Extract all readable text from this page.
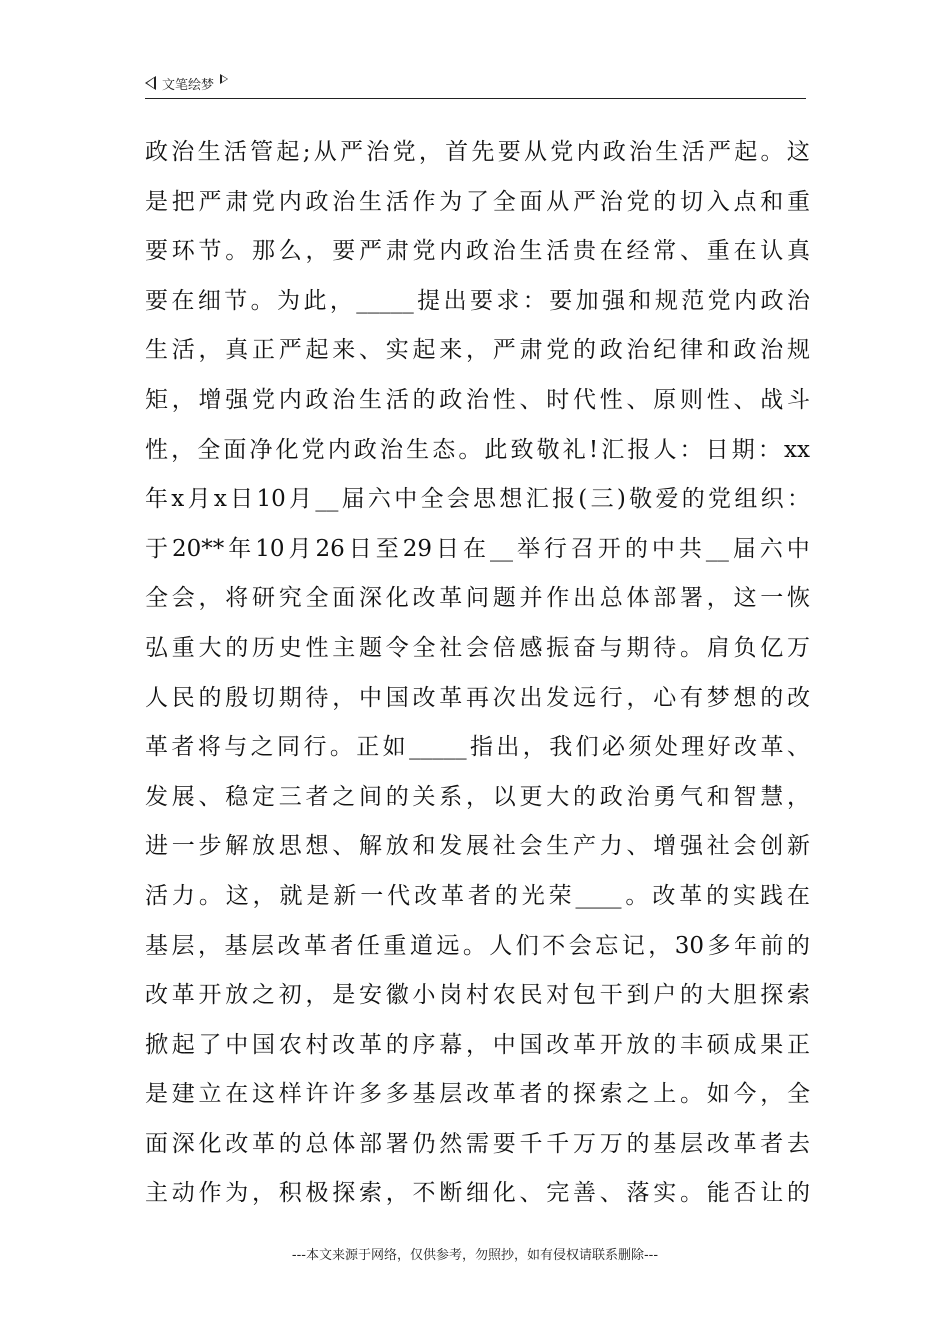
文笔绘梦
政 治 生 活 管 起 ; 从 严 治 党 ， 首 先 要 从 党 内 政 治 生 活 严 起 。 这
是 把 严 肃 党 内 政 治 生 活 作 为 了 全 面 从 严 治 党 的 切 入 点 和 重
要 环 节 。 那 么 ， 要 严 肃 党 内 政 治 生 活 贵 在 经 常 、 重 在 认 真
要 在 细 节 。 为 此 ， _____ 提 出 要 求 ： 要 加 强 和 规 范 党 内 政 治
生 活 ， 真 正 严 起 来 、 实 起 来 ， 严 肃 党 的 政 治 纪 律 和 政 治 规
矩 ， 增 强 党 内 政 治 生 活 的 政 治 性 、 时 代 性 、 原 则 性 、 战 斗
性 ， 全 面 净 化 党 内 政 治 生 态 。 此 致 敬 礼 ! 汇 报 人 ： 日 期 ： xx
年 x 月 x 日 10 月 __ 届 六 中 全 会 思 想 汇 报 ( 三 ) 敬 爱 的 党 组 织 ：
于 20** 年 10 月 26 日 至 29 日 在 __ 举 行 召 开 的 中 共 __ 届 六 中
全 会 ， 将 研 究 全 面 深 化 改 革 问 题 并 作 出 总 体 部 署 ， 这 一 恢
弘 重 大 的 历 史 性 主 题 令 全 社 会 倍 感 振 奋 与 期 待 。 肩 负 亿 万
人 民 的 殷 切 期 待 ， 中 国 改 革 再 次 出 发 远 行 ， 心 有 梦 想 的 改
革 者 将 与 之 同 行 。 正 如 _____ 指 出 ， 我 们 必 须 处 理 好 改 革 、
发 展 、 稳 定 三 者 之 间 的 关 系 ， 以 更 大 的 政 治 勇 气 和 智 慧 ，
进 一 步 解 放 思 想 、 解 放 和 发 展 社 会 生 产 力 、 增 强 社 会 创 新
活 力 。 这 ， 就 是 新 一 代 改 革 者 的 光 荣 ____ 。 改 革 的 实 践 在
基 层 ， 基 层 改 革 者 任 重 道 远 。 人 们 不 会 忘 记 ， 30 多 年 前 的
改 革 开 放 之 初 ， 是 安 徽 小 岗 村 农 民 对 包 干 到 户 的 大 胆 探 索
掀 起 了 中 国 农 村 改 革 的 序 幕 ， 中 国 改 革 开 放 的 丰 硕 成 果 正
是 建 立 在 这 样 许 许 多 多 基 层 改 革 者 的 探 索 之 上 。 如 今 ， 全
面 深 化 改 革 的 总 体 部 署 仍 然 需 要 千 千 万 万 的 基 层 改 革 者 去
主 动 作 为 ， 积 极 探 索 ， 不 断 细 化 、 完 善 、 落 实 。 能 否 让 的
---本文来源于网络，仅供参考，勿照抄，如有侵权请联系删除---
